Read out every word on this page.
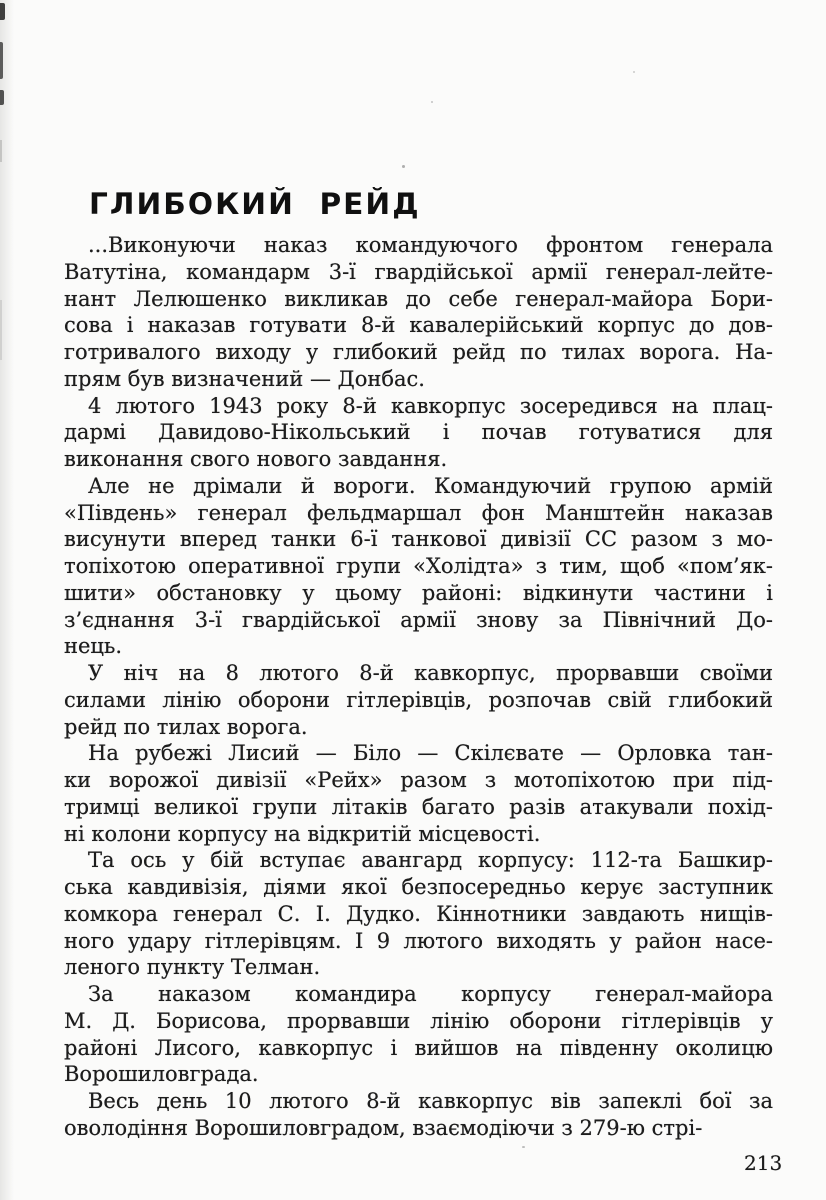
ГЛИБОКИЙ РЕЙД
...Виконуючи наказ командуючого фронтом генерала
Ватутіна, командарм 3-ї гвардійської армії генерал-лейте-
нант Лелюшенко викликав до себе генерал-майора Бори-
сова і наказав готувати 8-й кавалерійський корпус до дов-
готривалого виходу у глибокий рейд по тилах ворога. На-
прям був визначений — Донбас.
4 лютого 1943 року 8-й кавкорпус зосередився на плац-
дармі Давидово-Нікольський і почав готуватися для
виконання свого нового завдання.
Але не дрімали й вороги. Командуючий групою армій
«Південь» генерал фельдмаршал фон Манштейн наказав
висунути вперед танки 6-ї танкової дивізії СС разом з мо-
топіхотою оперативної групи «Холідта» з тим, щоб «пом’як-
шити» обстановку у цьому районі: відкинути частини і
з’єднання 3-ї гвардійської армії знову за Північний До-
нець.
У ніч на 8 лютого 8-й кавкорпус, прорвавши своїми
силами лінію оборони гітлерівців, розпочав свій глибокий
рейд по тилах ворога.
На рубежі Лисий — Біло — Скілєвате — Орловка тан-
ки ворожої дивізії «Рейх» разом з мотопіхотою при під-
тримці великої групи літаків багато разів атакували похід-
ні колони корпусу на відкритій місцевості.
Та ось у бій вступає авангард корпусу: 112-та Башкир-
ська кавдивізія, діями якої безпосередньо керує заступник
комкора генерал С. І. Дудко. Кіннотники завдають нищів-
ного удару гітлерівцям. І 9 лютого виходять у район насе-
леного пункту Телман.
За наказом командира корпусу генерал-майора
М. Д. Борисова, прорвавши лінію оборони гітлерівців у
районі Лисого, кавкорпус і вийшов на південну околицю
Ворошиловграда.
Весь день 10 лютого 8-й кавкорпус вів запеклі бої за
оволодіння Ворошиловградом, взаємодіючи з 279-ю стрі-
213
